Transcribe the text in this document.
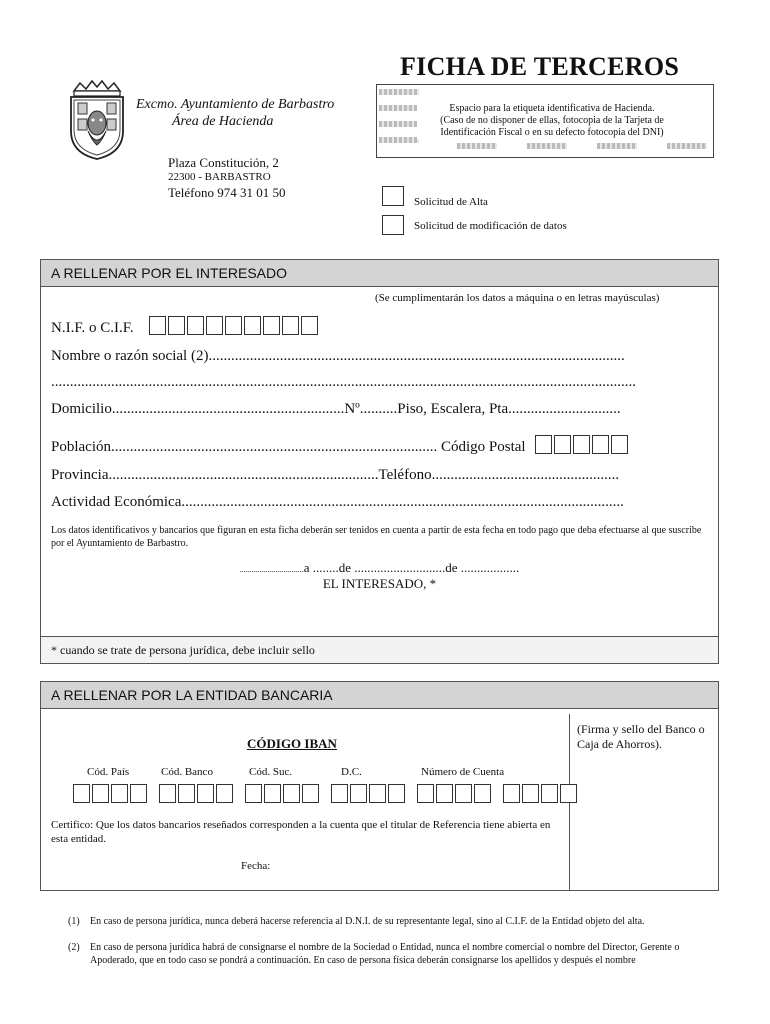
FICHA DE TERCEROS
Excmo. Ayuntamiento de Barbastro
Área de Hacienda
Plaza Constitución, 2
22300 - BARBASTRO
Teléfono 974 31 01 50
Espacio para la etiqueta identificativa de Hacienda.
(Caso de no disponer de ellas, fotocopia de la Tarjeta de
Identificación Fiscal o en su defecto fotocopia del DNI)
Solicitud de Alta
Solicitud de modificación de datos
A RELLENAR POR EL INTERESADO
(Se cumplimentarán los datos a máquina o en letras mayúsculas)
N.I.F. o C.I.F.
Nombre o razón social (2)...............................................................................................................
............................................................................................................................................................
Domicilio..............................................................Nº..........Piso, Escalera, Pta..............................
Población....................................................................................... Código Postal
Provincia........................................................................Teléfono..................................................
Actividad Económica......................................................................................................................
Los datos identificativos y bancarios que figuran en esta ficha deberán ser tenidos en cuenta a partir de esta fecha en todo pago que deba efectuarse al que suscribe por el Ayuntamiento de Barbastro.
................................a ........de ............................de ..................
EL INTERESADO, *
* cuando se trate de persona jurídica, debe incluir sello
A RELLENAR POR LA ENTIDAD BANCARIA
(Firma y sello del Banco o Caja de Ahorros).
CÓDIGO IBAN
Cód. País	Cód. Banco	Cód. Suc.	D.C.	Número de Cuenta
Certifico: Que los datos bancarios reseñados corresponden a la cuenta que el titular de Referencia tiene abierta en esta entidad.
Fecha:
(1) En caso de persona jurídica, nunca deberá hacerse referencia al D.N.I. de su representante legal, sino al C.I.F. de la Entidad objeto del alta.
(2) En caso de persona jurídica habrá de consignarse el nombre de la Sociedad o Entidad, nunca el nombre comercial o nombre del Director, Gerente o Apoderado, que en todo caso se pondrá a continuación. En caso de persona física deberán consignarse los apellidos y después el nombre
